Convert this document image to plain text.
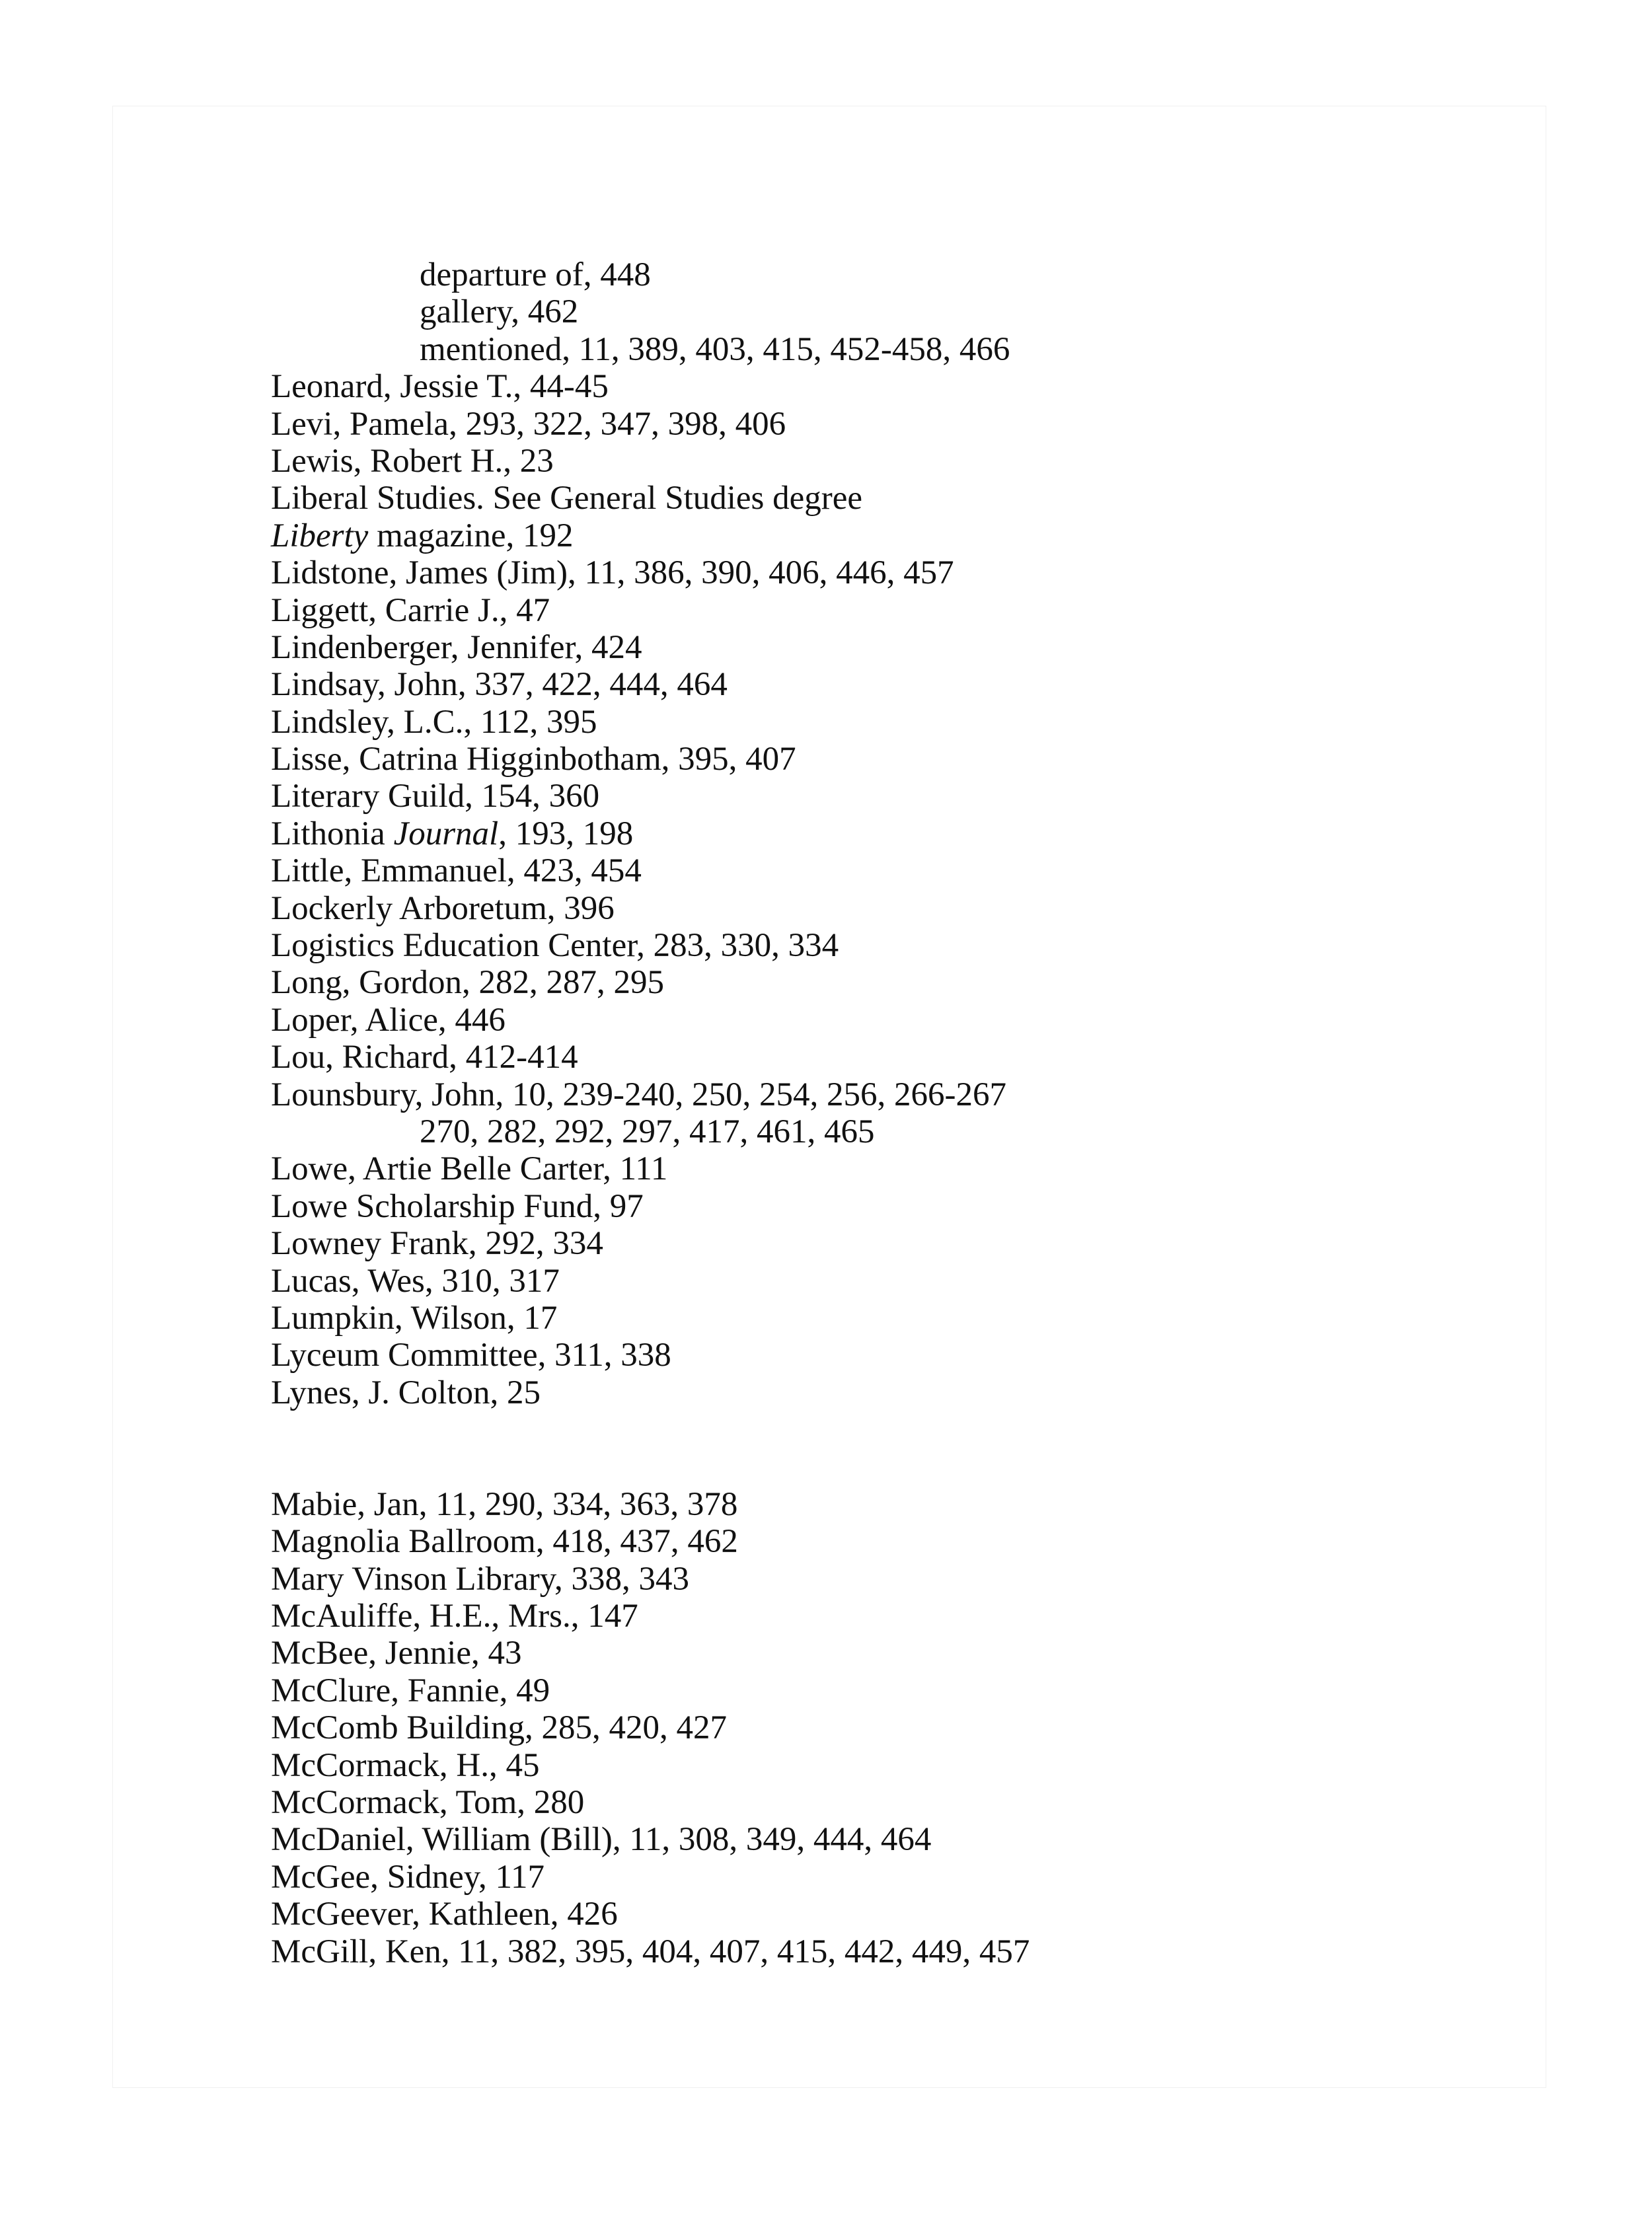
departure of, 448
gallery, 462
mentioned, 11, 389, 403, 415, 452-458, 466
Leonard, Jessie T., 44-45
Levi, Pamela, 293, 322, 347, 398, 406
Lewis, Robert H., 23
Liberal Studies. See General Studies degree
Liberty magazine, 192
Lidstone, James (Jim), 11, 386, 390, 406, 446, 457
Liggett, Carrie J., 47
Lindenberger, Jennifer, 424
Lindsay, John, 337, 422, 444, 464
Lindsley, L.C., 112, 395
Lisse, Catrina Higginbotham, 395, 407
Literary Guild, 154, 360
Lithonia Journal, 193, 198
Little, Emmanuel, 423, 454
Lockerly Arboretum, 396
Logistics Education Center, 283, 330, 334
Long, Gordon, 282, 287, 295
Loper, Alice, 446
Lou, Richard, 412-414
Lounsbury, John, 10, 239-240, 250, 254, 256, 266-267
270, 282, 292, 297, 417, 461, 465
Lowe, Artie Belle Carter, 111
Lowe Scholarship Fund, 97
Lowney Frank, 292, 334
Lucas, Wes, 310, 317
Lumpkin, Wilson, 17
Lyceum Committee, 311, 338
Lynes, J. Colton, 25
Mabie, Jan, 11, 290, 334, 363, 378
Magnolia Ballroom, 418, 437, 462
Mary Vinson Library, 338, 343
McAuliffe, H.E., Mrs., 147
McBee, Jennie, 43
McClure, Fannie, 49
McComb Building, 285, 420, 427
McCormack, H., 45
McCormack, Tom, 280
McDaniel, William (Bill), 11, 308, 349, 444, 464
McGee, Sidney, 117
McGeever, Kathleen, 426
McGill, Ken, 11, 382, 395, 404, 407, 415, 442, 449, 457
